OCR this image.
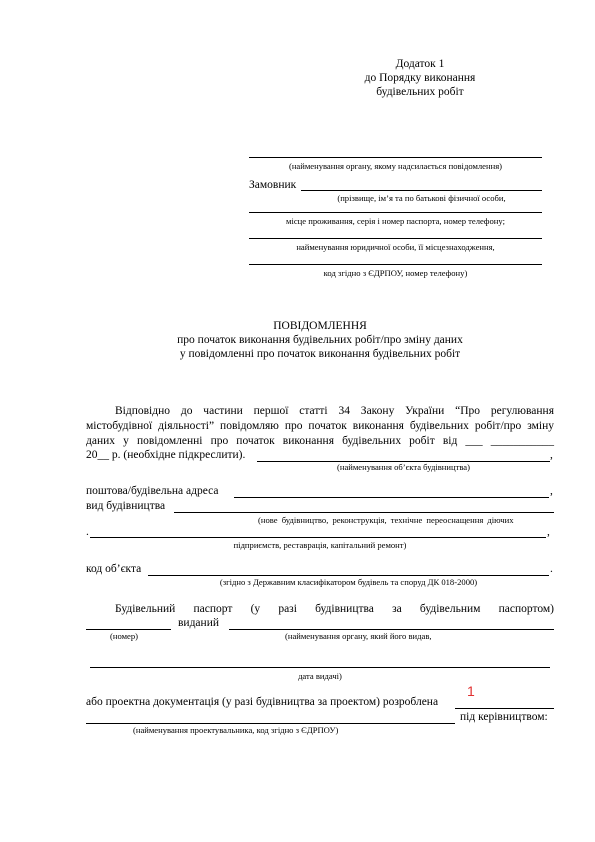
Додаток 1
до Порядку виконання
будівельних робіт
(найменування органу, якому надсилається повідомлення)
Замовник
(прізвище, ім’я та по батькові фізичної особи,
місце проживання, серія і номер паспорта, номер телефону;
найменування юридичної особи, її місцезнаходження,
код згідно з ЄДРПОУ, номер телефону)
ПОВІДОМЛЕННЯ
про початок виконання будівельних робіт/про зміну даних
у повідомленні про початок виконання будівельних робіт
Відповідно до частини першої статті 34 Закону України “Про регулювання
містобудівної діяльності” повідомляю про початок виконання будівельних робіт/про зміну
даних у повідомленні про початок виконання будівельних робіт від ___ ___________
20__ р. (необхідне підкреслити).	,
(найменування об’єкта будівництва)
поштова/будівельна адреса	,
вид будівництва
(нове будівництво, реконструкція, технічне переоснащення діючих
.	,
підприємств, реставрація, капітальний ремонт)
код об’єкта	.
(згідно з Державним класифікатором будівель та споруд ДК 018-2000)
Будівельний паспорт (у разі будівництва за будівельним паспортом)
виданий
(номер)	(найменування органу, який його видав,
дата видачі)
або проектна документація (у разі будівництва за проектом) розроблена
1
під керівництвом:
(найменування проектувальника, код згідно з ЄДРПОУ)
